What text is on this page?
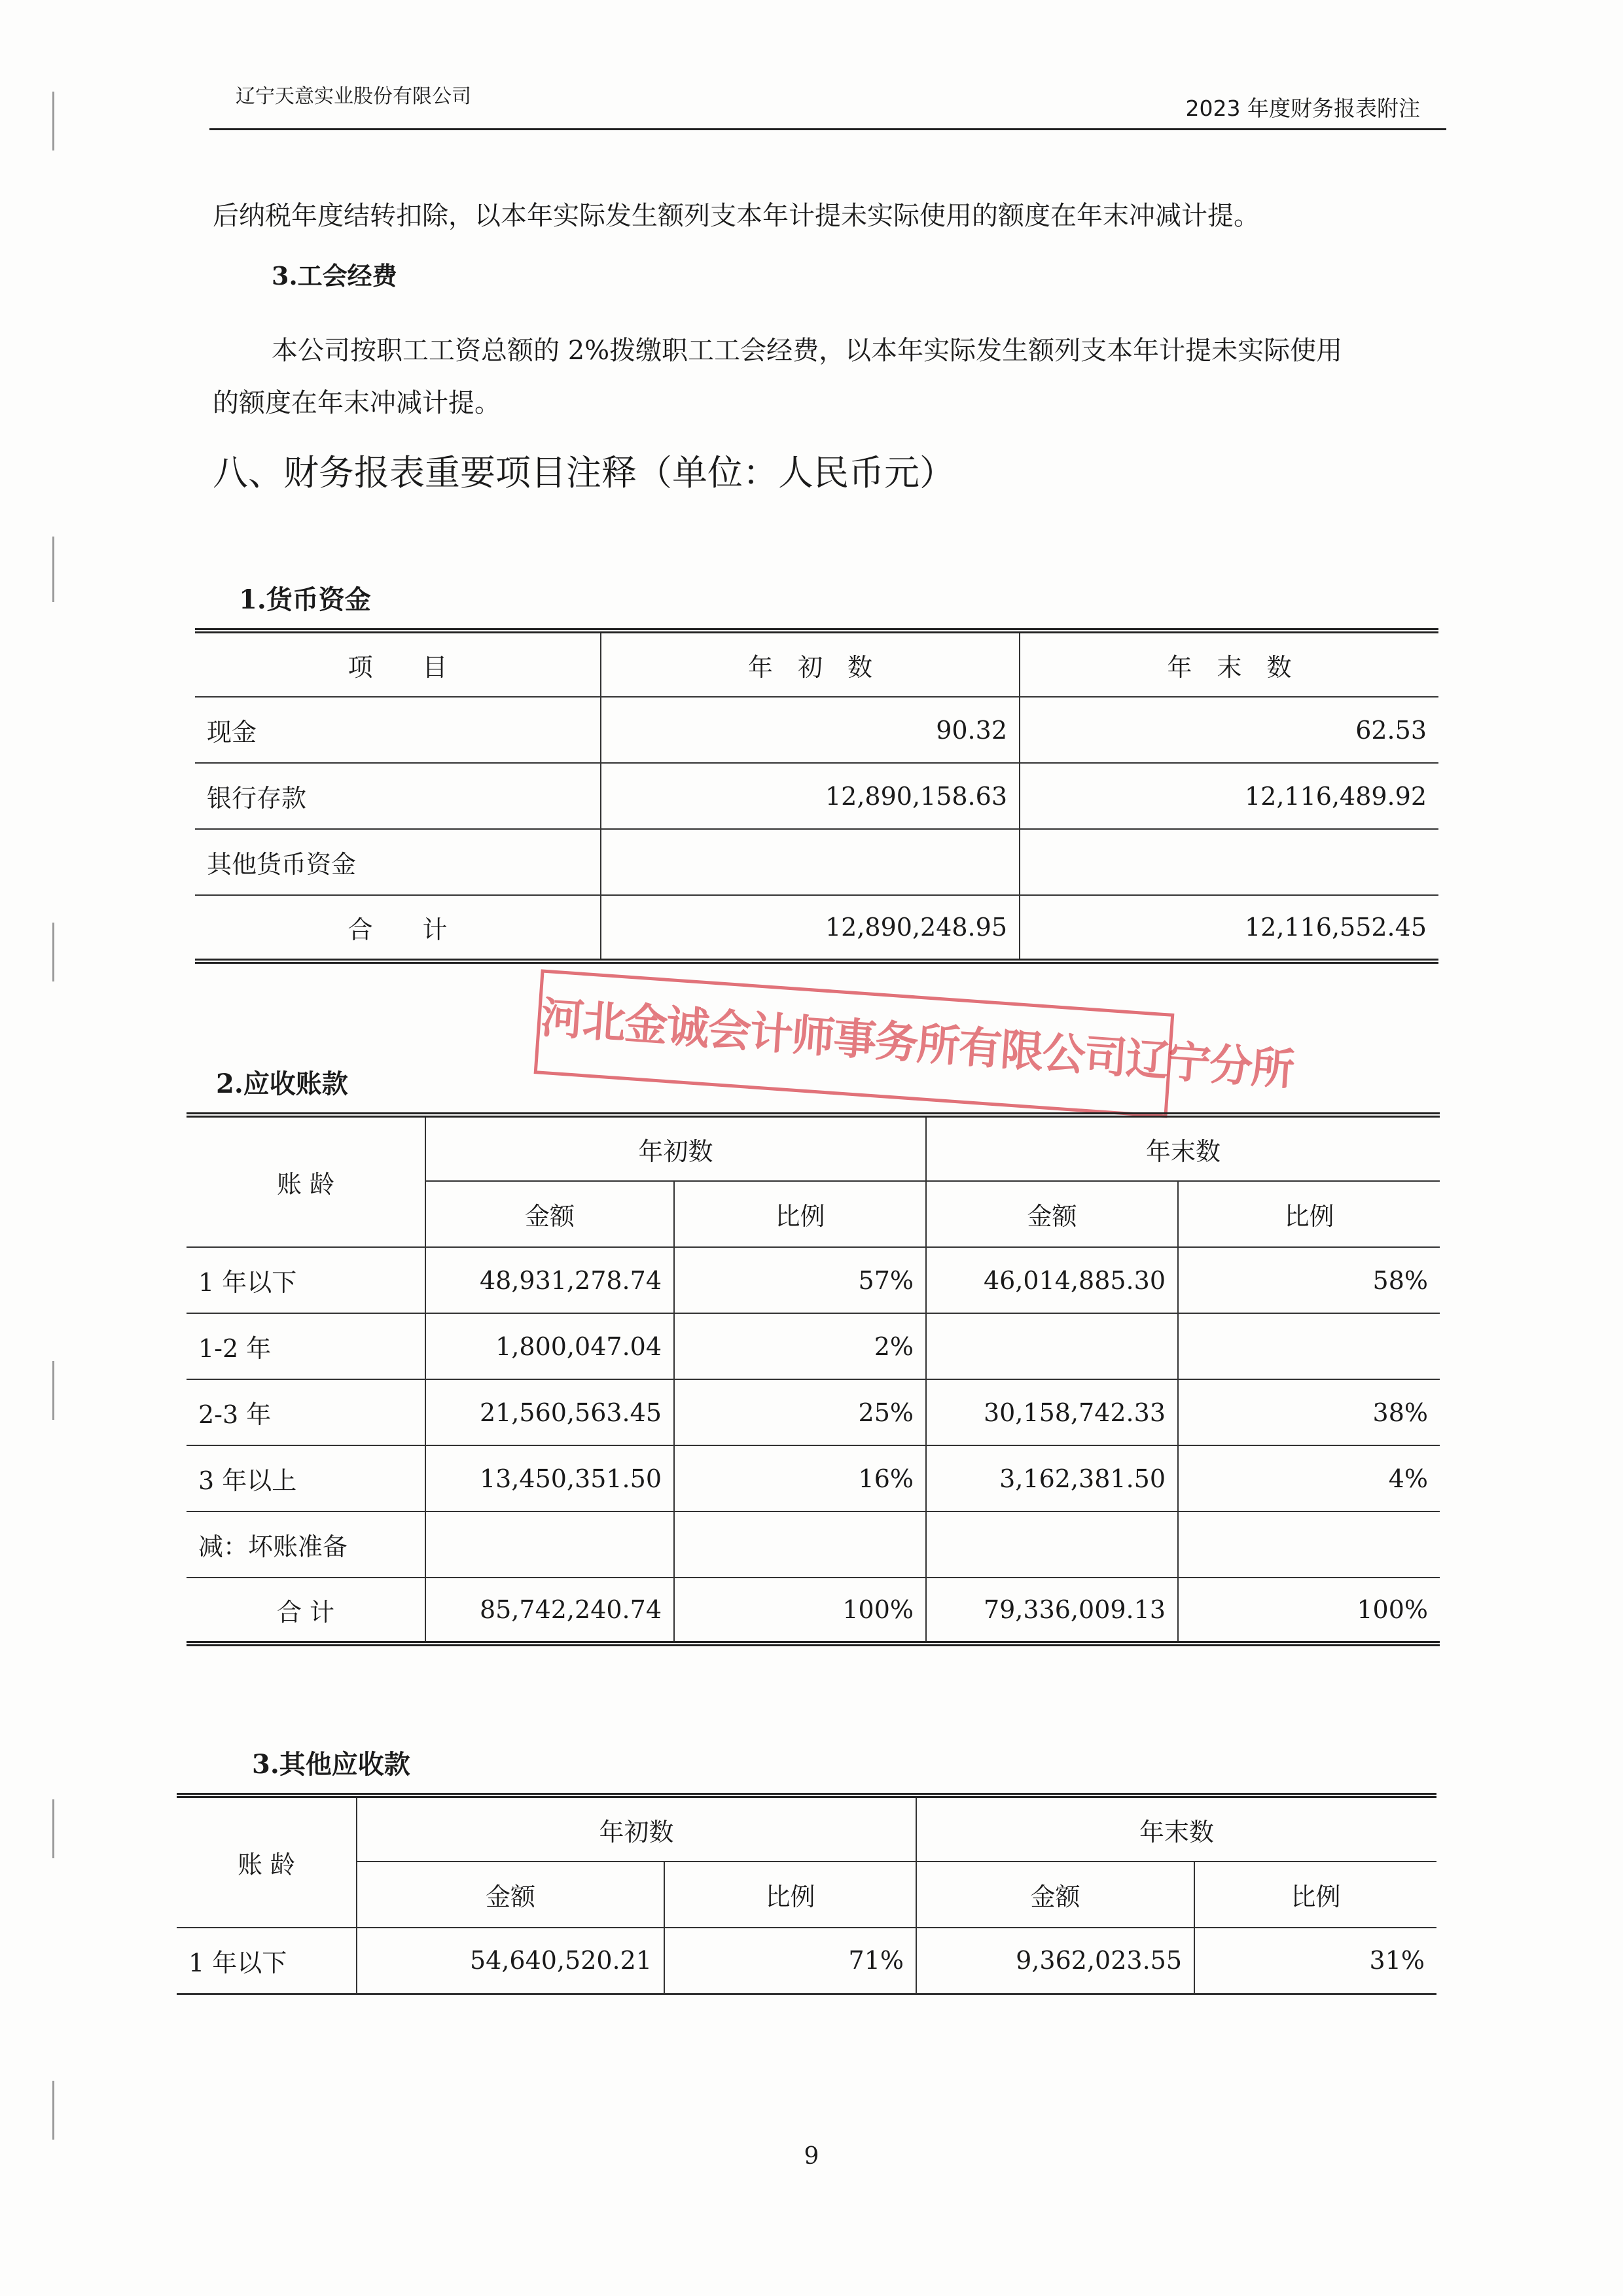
辽宁天意实业股份有限公司	2023 年度财务报表附注
后纳税年度结转扣除，以本年实际发生额列支本年计提未实际使用的额度在年末冲减计提。
3.工会经费
本公司按职工工资总额的 2%拨缴职工工会经费，以本年实际发生额列支本年计提未实际使用
的额度在年末冲减计提。
八、财务报表重要项目注释（单位：人民币元）
1.货币资金
项　　目	年　初　数	年　末　数
现金	90.32	62.53
银行存款	12,890,158.63	12,116,489.92
其他货币资金		
合　　计	12,890,248.95	12,116,552.45
河北金诚会计师事务所有限公司辽宁分所
2.应收账款
账 龄	年初数		年末数	
	金额	比例	金额	比例
1 年以下	48,931,278.74	57%	46,014,885.30	58%
1-2 年	1,800,047.04	2%		
2-3 年	21,560,563.45	25%	30,158,742.33	38%
3 年以上	13,450,351.50	16%	3,162,381.50	4%
减：坏账准备				
合 计	85,742,240.74	100%	79,336,009.13	100%
3.其他应收款
账 龄	年初数		年末数	
	金额	比例	金额	比例
1 年以下	54,640,520.21	71%	9,362,023.55	31%
9
